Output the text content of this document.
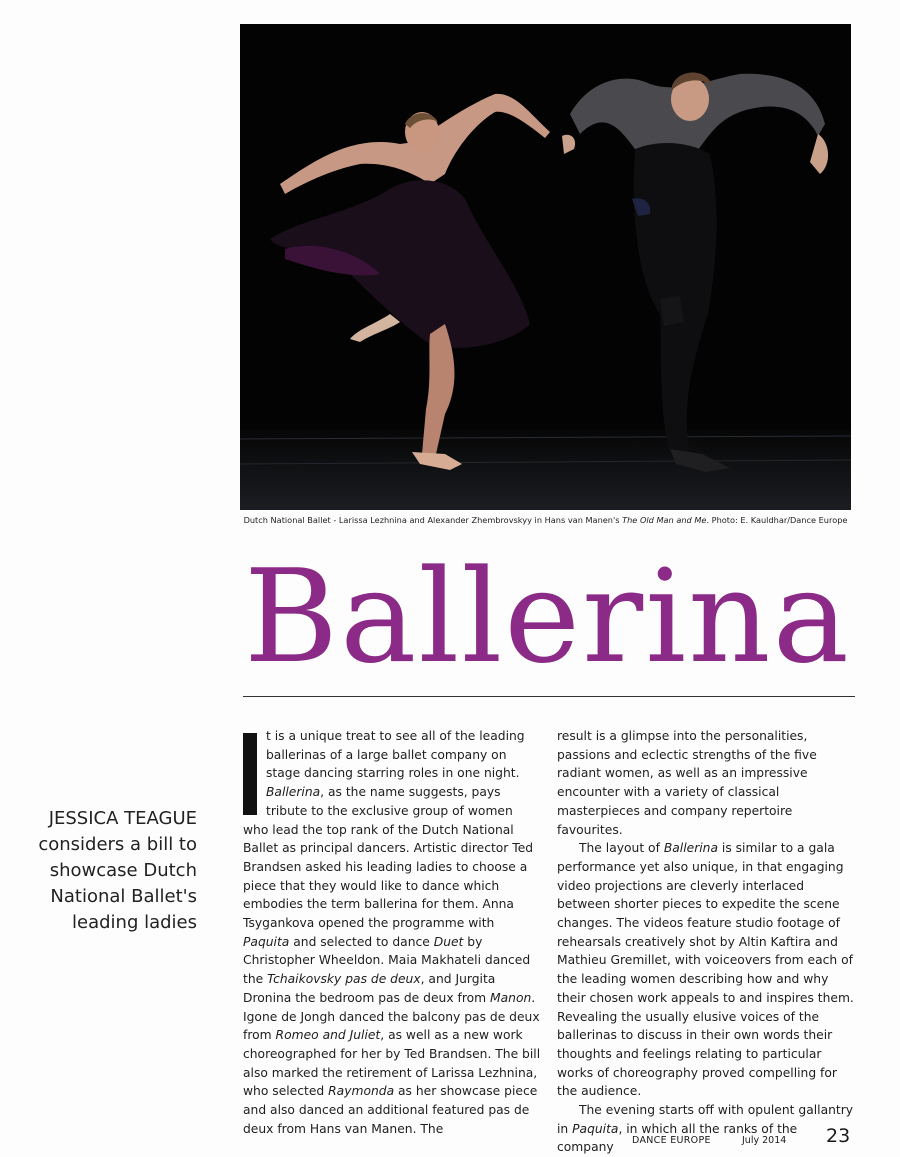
Dutch National Ballet - Larissa Lezhnina and Alexander Zhembrovskyy in Hans van Manen's The Old Man and Me. Photo: E. Kauldhar/Dance Europe
Ballerina
JESSICA TEAGUE considers a bill to showcase Dutch National Ballet's leading ladies

I	t is a unique treat to see all of the leading ballerinas of a large ballet company on stage dancing starring roles in one night. Ballerina, as the name suggests, pays tribute to the exclusive group of women who lead the top rank of the Dutch National Ballet as principal dancers. Artistic director Ted Brandsen asked his leading ladies to choose a piece that they would like to dance which embodies the term ballerina for them. Anna Tsygankova opened the programme with Paquita and selected to dance Duet by Christopher Wheeldon. Maia Makhateli danced the Tchaikovsky pas de deux, and Jurgita Dronina the bedroom pas de deux from Manon. Igone de Jongh danced the balcony pas de deux from Romeo and Juliet, as well as a new work choreographed for her by Ted Brandsen. The bill also marked the retirement of Larissa Lezhnina, who selected Raymonda as her showcase piece and also danced an additional featured pas de deux from Hans van Manen. The

result is a glimpse into the personalities, passions and eclectic strengths of the five radiant women, as well as an impressive encounter with a variety of classical masterpieces and company repertoire favourites.

The layout of Ballerina is similar to a gala performance yet also unique, in that engaging video projections are cleverly interlaced between shorter pieces to expedite the scene changes. The videos feature studio footage of rehearsals creatively shot by Altin Kaftira and Mathieu Gremillet, with voiceovers from each of the leading women describing how and why their chosen work appeals to and inspires them. Revealing the usually elusive voices of the ballerinas to discuss in their own words their thoughts and feelings relating to particular works of choreography proved compelling for the audience.

The evening starts off with opulent gallantry in Paquita, in which all the ranks of the company	DANCE EUROPE	July 2014 23
